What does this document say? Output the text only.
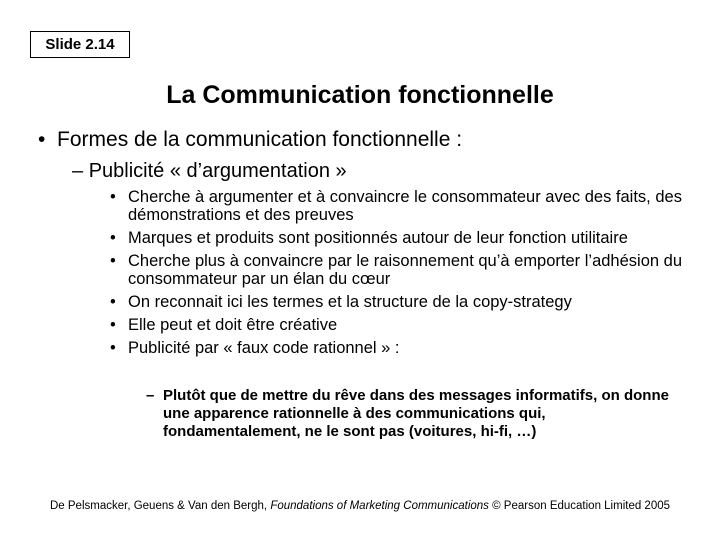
Slide 2.14
La Communication fonctionnelle
• Formes de la communication fonctionnelle :
– Publicité « d’argumentation »
• Cherche à argumenter et à convaincre le consommateur avec des faits, des démonstrations et des preuves
• Marques et produits sont positionnés autour de leur fonction utilitaire
• Cherche plus à convaincre par le raisonnement qu’à emporter l’adhésion du consommateur par un élan du cœur
• On reconnait ici les termes et la structure de la copy-strategy
• Elle peut et doit être créative
• Publicité par « faux code rationnel » :
– Plutôt que de mettre du rêve dans des messages informatifs, on donne une apparence rationnelle à des communications qui, fondamentalement, ne le sont pas (voitures, hi-fi, …)
De Pelsmacker, Geuens & Van den Bergh, Foundations of Marketing Communications © Pearson Education Limited 2005
